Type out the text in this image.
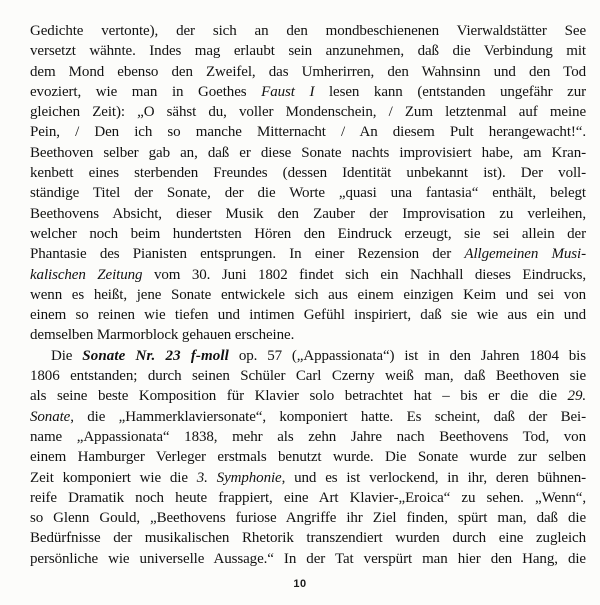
Gedichte vertonte), der sich an den mondbeschienenen Vierwaldstätter See
versetzt wähnte. Indes mag erlaubt sein anzunehmen, daß die Verbindung mit
dem Mond ebenso den Zweifel, das Umherirren, den Wahnsinn und den Tod
evoziert, wie man in Goethes Faust I lesen kann (entstanden ungefähr zur
gleichen Zeit): „O sähst du, voller Mondenschein, / Zum letztenmal auf meine
Pein, / Den ich so manche Mitternacht / An diesem Pult herangewacht!“.
Beethoven selber gab an, daß er diese Sonate nachts improvisiert habe, am Kran-
kenbett eines sterbenden Freundes (dessen Identität unbekannt ist). Der voll-
ständige Titel der Sonate, der die Worte „quasi una fantasia“ enthält, belegt
Beethovens Absicht, dieser Musik den Zauber der Improvisation zu verleihen,
welcher noch beim hundertsten Hören den Eindruck erzeugt, sie sei allein der
Phantasie des Pianisten entsprungen. In einer Rezension der Allgemeinen Musi-
kalischen Zeitung vom 30. Juni 1802 findet sich ein Nachhall dieses Eindrucks,
wenn es heißt, jene Sonate entwickele sich aus einem einzigen Keim und sei von
einem so reinen wie tiefen und intimen Gefühl inspiriert, daß sie wie aus ein und
demselben Marmorblock gehauen erscheine.
Die Sonate Nr. 23 f-moll op. 57 („Appassionata“) ist in den Jahren 1804 bis
1806 entstanden; durch seinen Schüler Carl Czerny weiß man, daß Beethoven sie
als seine beste Komposition für Klavier solo betrachtet hat – bis er die die 29.
Sonate, die „Hammerklaviersonate“, komponiert hatte. Es scheint, daß der Bei-
name „Appassionata“ 1838, mehr als zehn Jahre nach Beethovens Tod, von
einem Hamburger Verleger erstmals benutzt wurde. Die Sonate wurde zur selben
Zeit komponiert wie die 3. Symphonie, und es ist verlockend, in ihr, deren bühnen-
reife Dramatik noch heute frappiert, eine Art Klavier-„Eroica“ zu sehen. „Wenn“,
so Glenn Gould, „Beethovens furiose Angriffe ihr Ziel finden, spürt man, daß die
Bedürfnisse der musikalischen Rhetorik transzendiert wurden durch eine zugleich
persönliche wie universelle Aussage.“ In der Tat verspürt man hier den Hang, die
10
